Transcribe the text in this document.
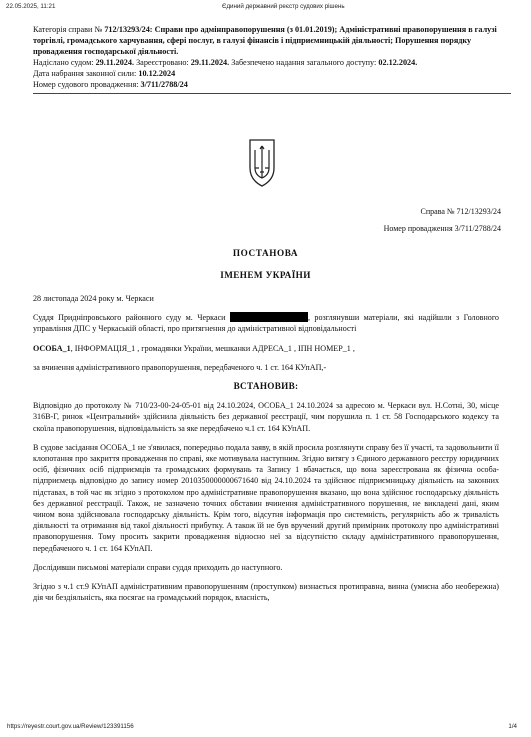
22.05.2025, 11:21	Єдиний державний реєстр судових рішень

Категорія справи № 712/13293/24: Справи про адмінправопорушення (з 01.01.2019); Адміністративні правопорушення в галузі торгівлі, громадського харчування, сфері послуг, в галузі фінансів і підприємницькій діяльності; Порушення порядку провадження господарської діяльності.

Надіслано судом: 29.11.2024. Зареєстровано: 29.11.2024. Забезпечено надання загального доступу: 02.12.2024.

Дата набрання законної сили: 10.12.2024

Номер судового провадження: 3/711/2788/24

Справа № 712/13293/24
Номер провадження 3/711/2788/24
ПОСТАНОВА
ІМЕНЕМ УКРАЇНИ

28 листопада 2024 року м. Черкаси

Суддя Придніпровського районного суду м. Черкаси	, розглянувши матеріали, які надійшли з Головного управління ДПС у Черкаській області, про притягнення до адміністративної відповідальності

ОСОБА_1, ІНФОРМАЦІЯ_1 , громадянки України, мешканки АДРЕСА_1 , ІПН НОМЕР_1 ,

за вчинення адміністративного правопорушення, передбаченого ч. 1 ст. 164 КУпАП,-

ВСТАНОВИВ:

Відповідно до протоколу № 710/23-00-24-05-01 від 24.10.2024, ОСОБА_1 24.10.2024 за адресою м. Черкаси вул. Н.Сотні, 30, місце 316В-Г, ринок «Центральний» здійснила діяльність без державної реєстрації, чим порушила п. 1 ст. 58 Господарського кодексу та скоїла правопорушення, відповідальність за яке передбачено ч.1 ст. 164 КУпАП.

В судове засідання ОСОБА_1 не з'явилася, попередньо подала заяву, в якій просила розглянути справу без її участі, та задовольнити її клопотання про закриття провадження по справі, яке мотивувала наступним. Згідно витягу з Єдиного державного реєстру юридичних осіб, фізичних осіб підприємців та громадських формувань та Запису 1 вбачається, що вона зареєстрована як фізична особа-підприємець відповідно до запису номер 2010350000000671640 від 24.10.2024 та здійснює підприємницьку діяльність на законних підставах, в той час як згідно з протоколом про адміністративне правопорушення вказано, що вона здійснює господарську діяльність без державної реєстрації. Також, не зазначено точних обставин вчинення адміністративного порушення, не викладені дані, яким чином вона здійснювала господарську діяльність. Крім того, відсутня інформація про системність, регулярність або ж тривалість діяльності та отримання від такої діяльності прибутку. А також їй не був вручений другий примірник протоколу про адміністративні правопорушення. Тому просить закрити провадження відносно неї за відсутністю складу адміністративного правопорушення, передбаченого ч. 1 ст. 164 КУпАП.

Дослідивши письмові матеріали справи суддя приходить до наступного.

Згідно з ч.1 ст.9 КУпАП адміністративним правопорушенням (проступком) визнається протиправна, винна (умисна або необережна) дія чи бездіяльність, яка посягає на громадський порядок, власність,

https://reyestr.court.gov.ua/Review/123391156	1/4
